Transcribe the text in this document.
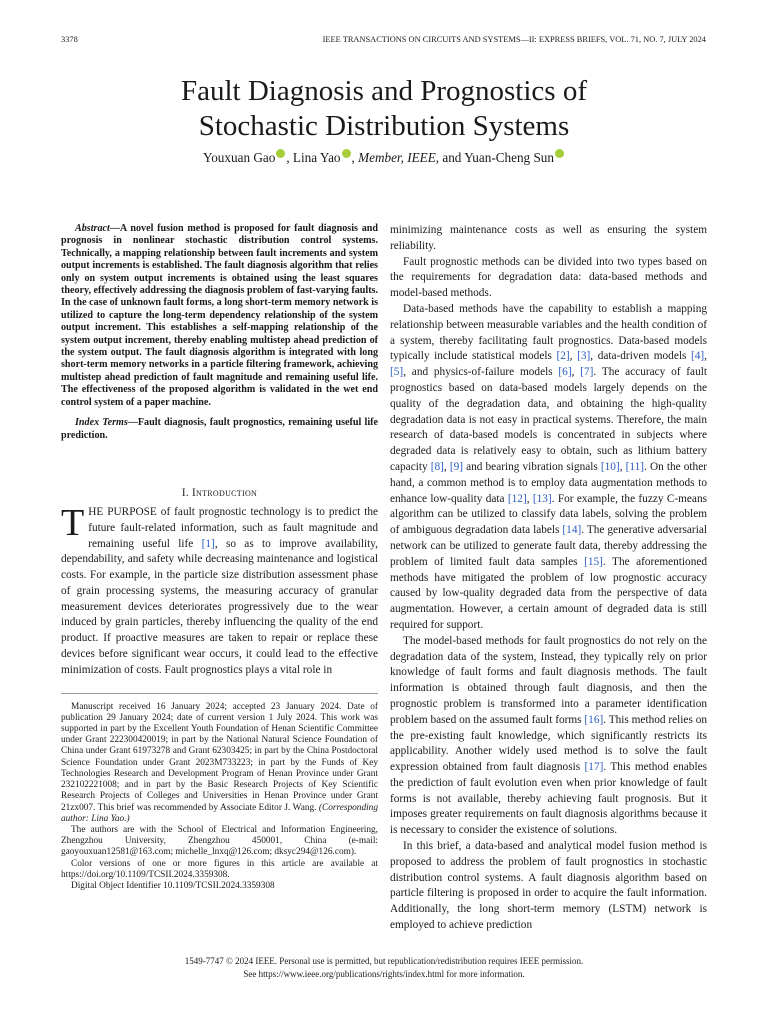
3378	IEEE TRANSACTIONS ON CIRCUITS AND SYSTEMS—II: EXPRESS BRIEFS, VOL. 71, NO. 7, JULY 2024
Fault Diagnosis and Prognostics of
Stochastic Distribution Systems
Youxuan Gao , Lina Yao , Member, IEEE, and Yuan-Cheng Sun

Abstract—A novel fusion method is proposed for fault diagnosis and prognosis in nonlinear stochastic distribution control systems. Technically, a mapping relationship between fault increments and system output increments is established. The fault diagnosis algorithm that relies only on system output increments is obtained using the least squares theory, effectively addressing the diagnosis problem of fast-varying faults. In the case of unknown fault forms, a long short-term memory network is utilized to capture the long-term dependency relationship of the system output increment. This establishes a self-mapping relationship of the system output increment, thereby enabling multistep ahead prediction of the system output. The fault diagnosis algorithm is integrated with long short-term memory networks in a particle filtering framework, achieving multistep ahead prediction of fault magnitude and remaining useful life. The effectiveness of the proposed algorithm is validated in the wet end control system of a paper machine.

Index Terms—Fault diagnosis, fault prognostics, remaining useful life prediction.

I. Introduction

THE PURPOSE of fault prognostic technology is to predict the future fault-related information, such as fault magnitude and remaining useful life [1], so as to improve availability, dependability, and safety while decreasing maintenance and logistical costs. For example, in the particle size distribution assessment phase of grain processing systems, the measuring accuracy of granular measurement devices deteriorates progressively due to the wear induced by grain particles, thereby influencing the quality of the end product. If proactive measures are taken to repair or replace these devices before significant wear occurs, it could lead to the effective minimization of costs. Fault prognostics plays a vital role in

Manuscript received 16 January 2024; accepted 23 January 2024. Date of publication 29 January 2024; date of current version 1 July 2024. This work was supported in part by the Excellent Youth Foundation of Henan Scientific Committee under Grant 222300420019; in part by the National Natural Science Foundation of China under Grant 61973278 and Grant 62303425; in part by the China Postdoctoral Science Foundation under Grant 2023M733223; in part by the Funds of Key Technologies Research and Development Program of Henan Province under Grant 232102221008; and in part by the Basic Research Projects of Key Scientific Research Projects of Colleges and Universities in Henan Province under Grant 21zx007. This brief was recommended by Associate Editor J. Wang. (Corresponding author: Lina Yao.)

The authors are with the School of Electrical and Information Engineering, Zhengzhou University, Zhengzhou 450001, China (e-mail: gaoyouxuan12581@163.com; michelle_lnxq@126.com; dksyc294@126.com).

Color versions of one or more figures in this article are available at https://doi.org/10.1109/TCSII.2024.3359308.

Digital Object Identifier 10.1109/TCSII.2024.3359308

minimizing maintenance costs as well as ensuring the system reliability.

Fault prognostic methods can be divided into two types based on the requirements for degradation data: data-based methods and model-based methods.

Data-based methods have the capability to establish a mapping relationship between measurable variables and the health condition of a system, thereby facilitating fault prognostics. Data-based models typically include statistical models [2], [3], data-driven models [4], [5], and physics-of-failure models [6], [7]. The accuracy of fault prognostics based on data-based models largely depends on the quality of the degradation data, and obtaining the high-quality degradation data is not easy in practical systems. Therefore, the main research of data-based models is concentrated in subjects where degraded data is relatively easy to obtain, such as lithium battery capacity [8], [9] and bearing vibration signals [10], [11]. On the other hand, a common method is to employ data augmentation methods to enhance low-quality data [12], [13]. For example, the fuzzy C-means algorithm can be utilized to classify data labels, solving the problem of ambiguous degradation data labels [14]. The generative adversarial network can be utilized to generate fault data, thereby addressing the problem of limited fault data samples [15]. The aforementioned methods have mitigated the problem of low prognostic accuracy caused by low-quality degraded data from the perspective of data augmentation. However, a certain amount of degraded data is still required for support.

The model-based methods for fault prognostics do not rely on the degradation data of the system, Instead, they typically rely on prior knowledge of fault forms and fault diagnosis methods. The fault information is obtained through fault diagnosis, and then the prognostic problem is transformed into a parameter identification problem based on the assumed fault forms [16]. This method relies on the pre-existing fault knowledge, which significantly restricts its applicability. Another widely used method is to solve the fault expression obtained from fault diagnosis [17]. This method enables the prediction of fault evolution even when prior knowledge of fault forms is not available, thereby achieving fault prognosis. But it imposes greater requirements on fault diagnosis algorithms because it is necessary to consider the existence of solutions.

In this brief, a data-based and analytical model fusion method is proposed to address the problem of fault prognostics in stochastic distribution control systems. A fault diagnosis algorithm based on particle filtering is proposed in order to acquire the fault information. Additionally, the long short-term memory (LSTM) network is employed to achieve prediction

1549-7747 © 2024 IEEE. Personal use is permitted, but republication/redistribution requires IEEE permission.
See https://www.ieee.org/publications/rights/index.html for more information.
